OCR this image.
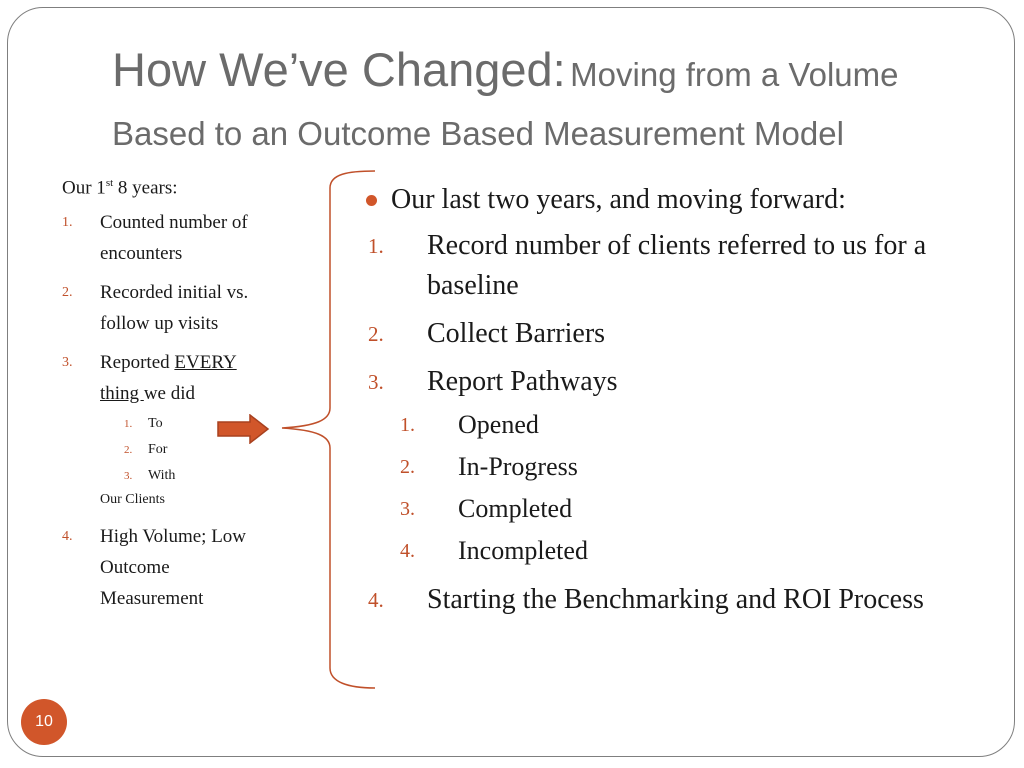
How We’ve Changed: Moving from a Volume Based to an Outcome Based Measurement Model
Our 1st 8 years:
1. Counted number of encounters
2. Recorded initial vs. follow up visits
3. Reported EVERY thing we did
1. To
2. For
3. With
Our Clients
4. High Volume; Low Outcome Measurement
Our last two years, and moving forward:
1. Record number of clients referred to us for a baseline
2. Collect Barriers
3. Report Pathways
1. Opened
2. In-Progress
3. Completed
4. Incompleted
4. Starting the Benchmarking and ROI Process
10
